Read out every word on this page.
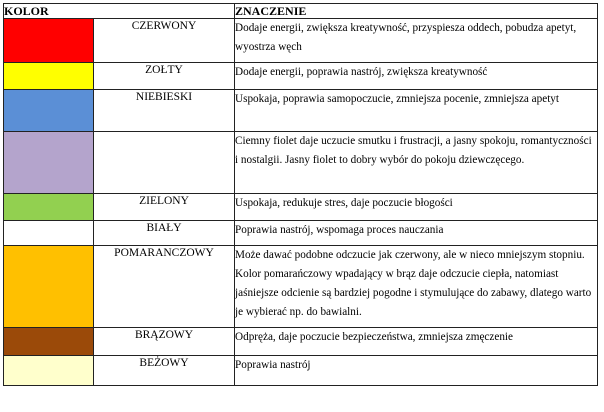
KOLOR		ZNACZENIE
	CZERWONY	Dodaje energii, zwiększa kreatywność, przyspiesza oddech, pobudza apetyt, wyostrza węch
	ZOŁTY	Dodaje energii, poprawia nastrój, zwiększa kreatywność
	NIEBIESKI	Uspokaja, poprawia samopoczucie, zmniejsza pocenie, zmniejsza apetyt
		Ciemny fiolet daje uczucie smutku i frustracji, a jasny spokoju, romantyczności i nostalgii. Jasny fiolet to dobry wybór do pokoju dziewczęcego.
	ZIELONY	Uspokaja, redukuje stres, daje poczucie błogości
	BIAŁY	Poprawia nastrój, wspomaga proces nauczania
	POMARANCZOWY	Może dawać podobne odczucie jak czerwony, ale w nieco mniejszym stopniu. Kolor pomarańczowy wpadający w brąz daje odczucie ciepła, natomiast jaśniejsze odcienie są bardziej pogodne i stymulujące do zabawy, dlatego warto je wybierać np. do bawialni.
	BRĄZOWY	Odpręża, daje poczucie bezpieczeństwa, zmniejsza zmęczenie
	BEŻOWY	Poprawia nastrój
